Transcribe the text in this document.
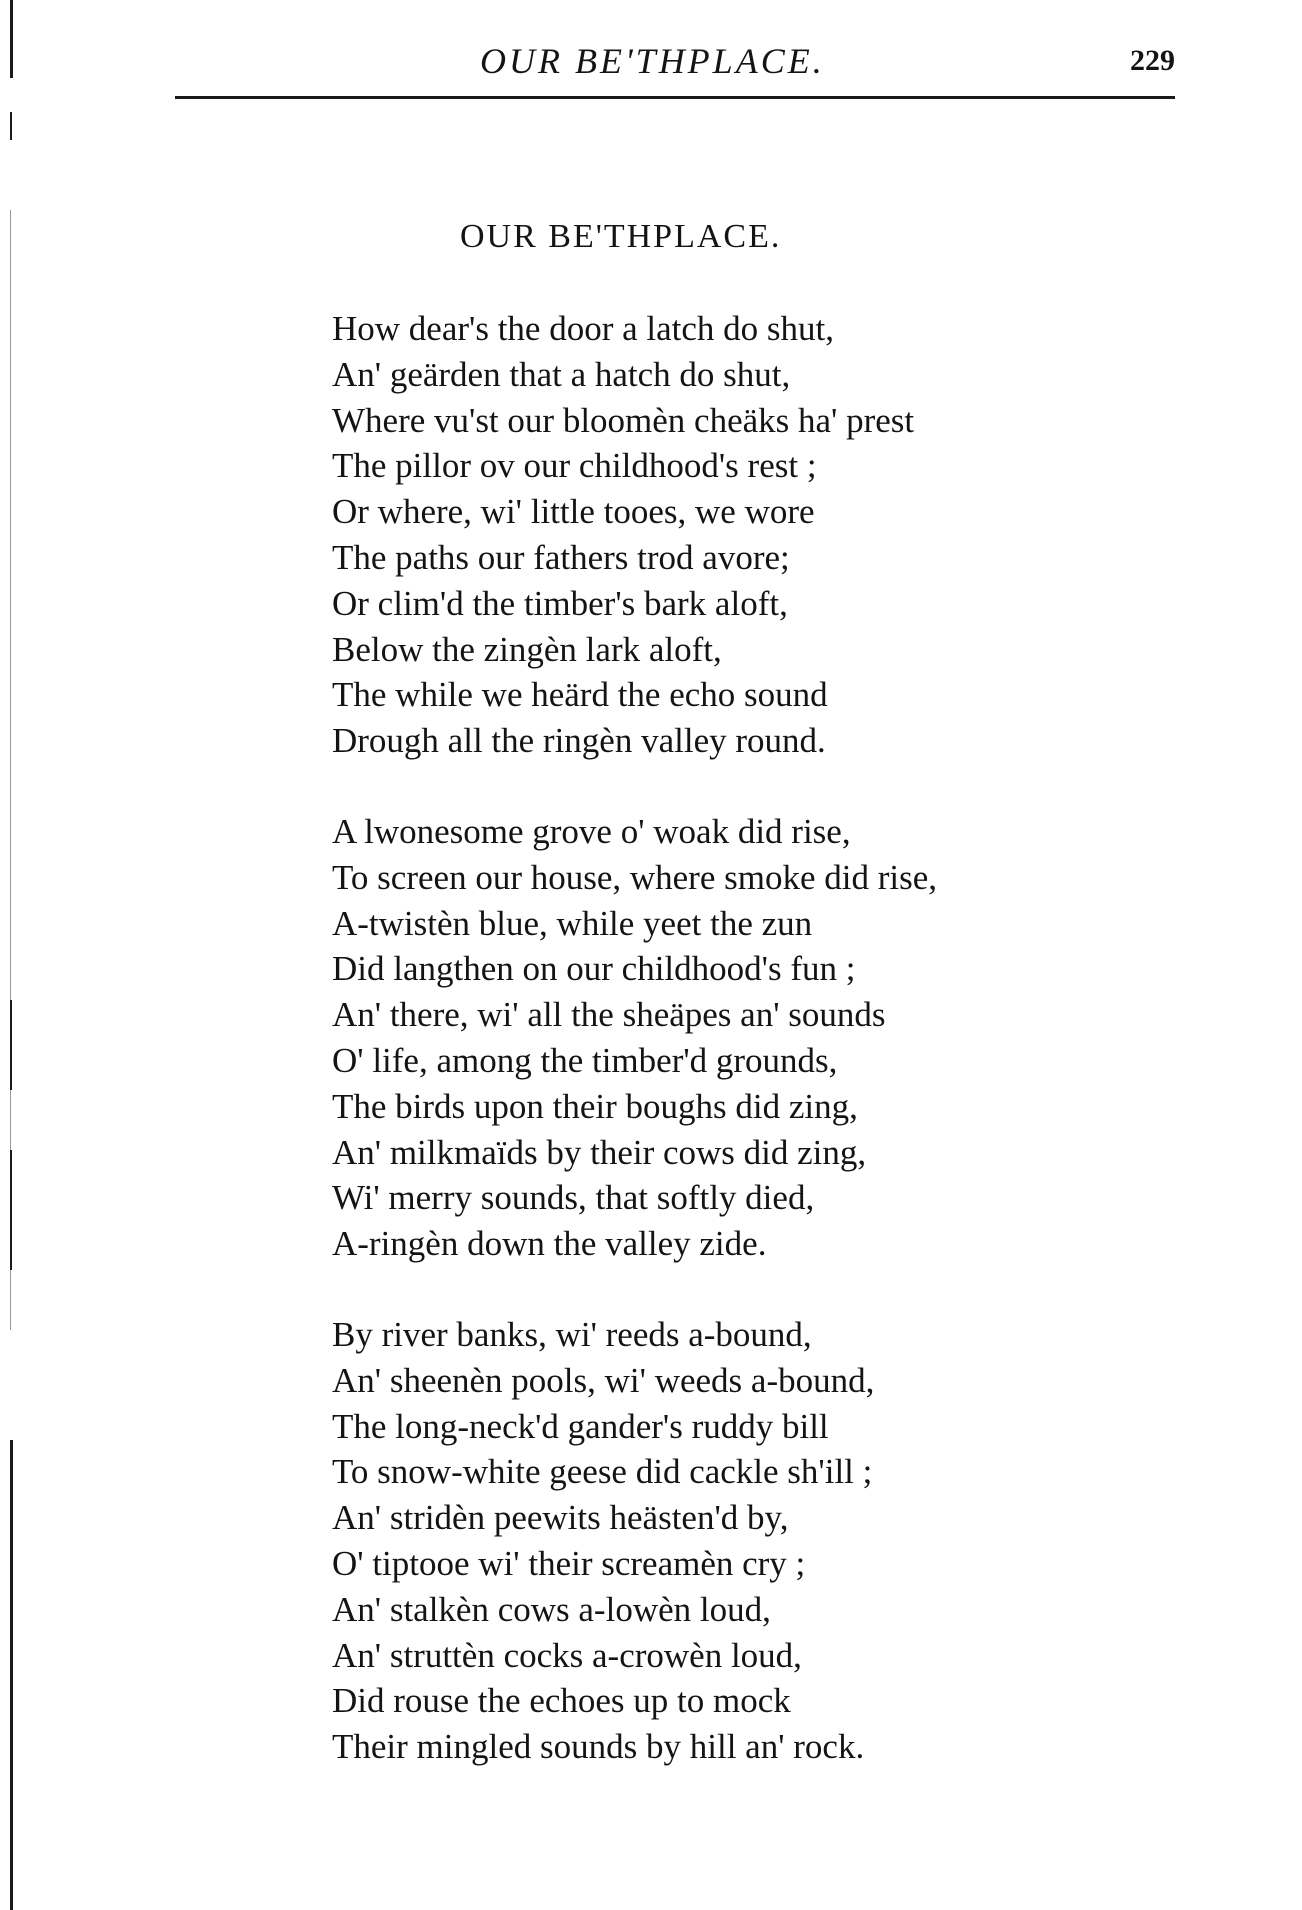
OUR BE'THPLACE.	229
OUR BE'THPLACE.
How dear's the door a latch do shut,
An' geärden that a hatch do shut,
Where vu'st our bloomèn cheäks ha' prest
The pillor ov our childhood's rest ;
Or where, wi' little tooes, we wore
The paths our fathers trod avore;
Or clim'd the timber's bark aloft,
Below the zingèn lark aloft,
The while we heärd the echo sound
Drough all the ringèn valley round.
A lwonesome grove o' woak did rise,
To screen our house, where smoke did rise,
A-twistèn blue, while yeet the zun
Did langthen on our childhood's fun ;
An' there, wi' all the sheäpes an' sounds
O' life, among the timber'd grounds,
The birds upon their boughs did zing,
An' milkmaïds by their cows did zing,
Wi' merry sounds, that softly died,
A-ringèn down the valley zide.
By river banks, wi' reeds a-bound,
An' sheenèn pools, wi' weeds a-bound,
The long-neck'd gander's ruddy bill
To snow-white geese did cackle sh'ill ;
An' stridèn peewits heästen'd by,
O' tiptooe wi' their screamèn cry ;
An' stalkèn cows a-lowèn loud,
An' struttèn cocks a-crowèn loud,
Did rouse the echoes up to mock
Their mingled sounds by hill an' rock.
